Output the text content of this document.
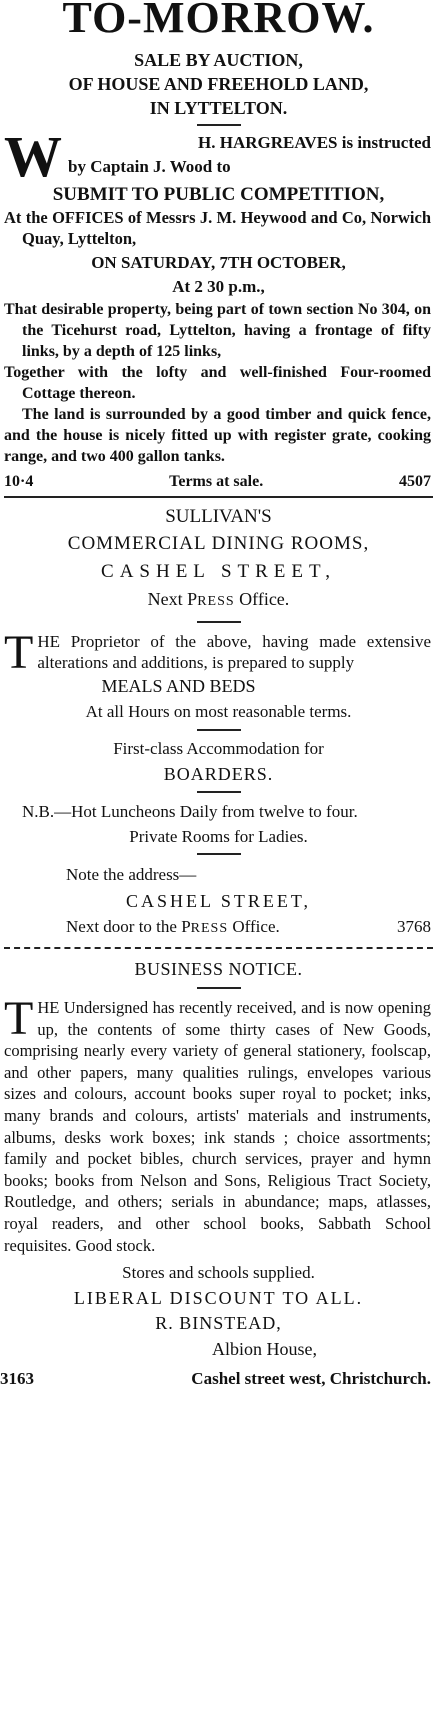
TO-MORROW.
SALE BY AUCTION,
OF HOUSE AND FREEHOLD LAND,
IN LYTTELTON.
W	H. HARGREAVES is instructed
by Captain J. Wood to
SUBMIT TO PUBLIC COMPETITION,
At the OFFICES of Messrs J. M. Heywood and Co, Norwich Quay, Lyttelton,
ON SATURDAY, 7TH OCTOBER,
At 2 30 p.m.,
That desirable property, being part of town section No 304, on the Ticehurst road, Lyttelton, having a frontage of fifty links, by a depth of 125 links,
Together with the lofty and well-finished Four-roomed Cottage thereon.
The land is surrounded by a good timber and quick fence, and the house is nicely fitted up with register grate, cooking range, and two 400 gallon tanks.
10·4	Terms at sale.	4507
SULLIVAN'S
COMMERCIAL DINING ROOMS,
CASHEL STREET,
Next PRESS Office.
THE Proprietor of the above, having made extensive alterations and additions, is prepared to supply
MEALS AND BEDS
At all Hours on most reasonable terms.
First-class Accommodation for
BOARDERS.
N.B.—Hot Luncheons Daily from twelve to four.
Private Rooms for Ladies.
Note the address—
CASHEL STREET,
Next door to the PRESS Office.	3768
BUSINESS NOTICE.
THE Undersigned has recently received, and is now opening up, the contents of some thirty cases of New Goods, comprising nearly every variety of general stationery, foolscap, and other papers, many qualities rulings, envelopes various sizes and colours, account books super royal to pocket; inks, many brands and colours, artists' materials and instruments, albums, desks work boxes; ink stands ; choice assortments; family and pocket bibles, church services, prayer and hymn books; books from Nelson and Sons, Religious Tract Society, Routledge, and others; serials in abundance; maps, atlasses, royal readers, and other school books, Sabbath School requisites. Good stock.
Stores and schools supplied.
LIBERAL DISCOUNT TO ALL.
R. BINSTEAD,
Albion House,
3163	Cashel street west, Christchurch.
